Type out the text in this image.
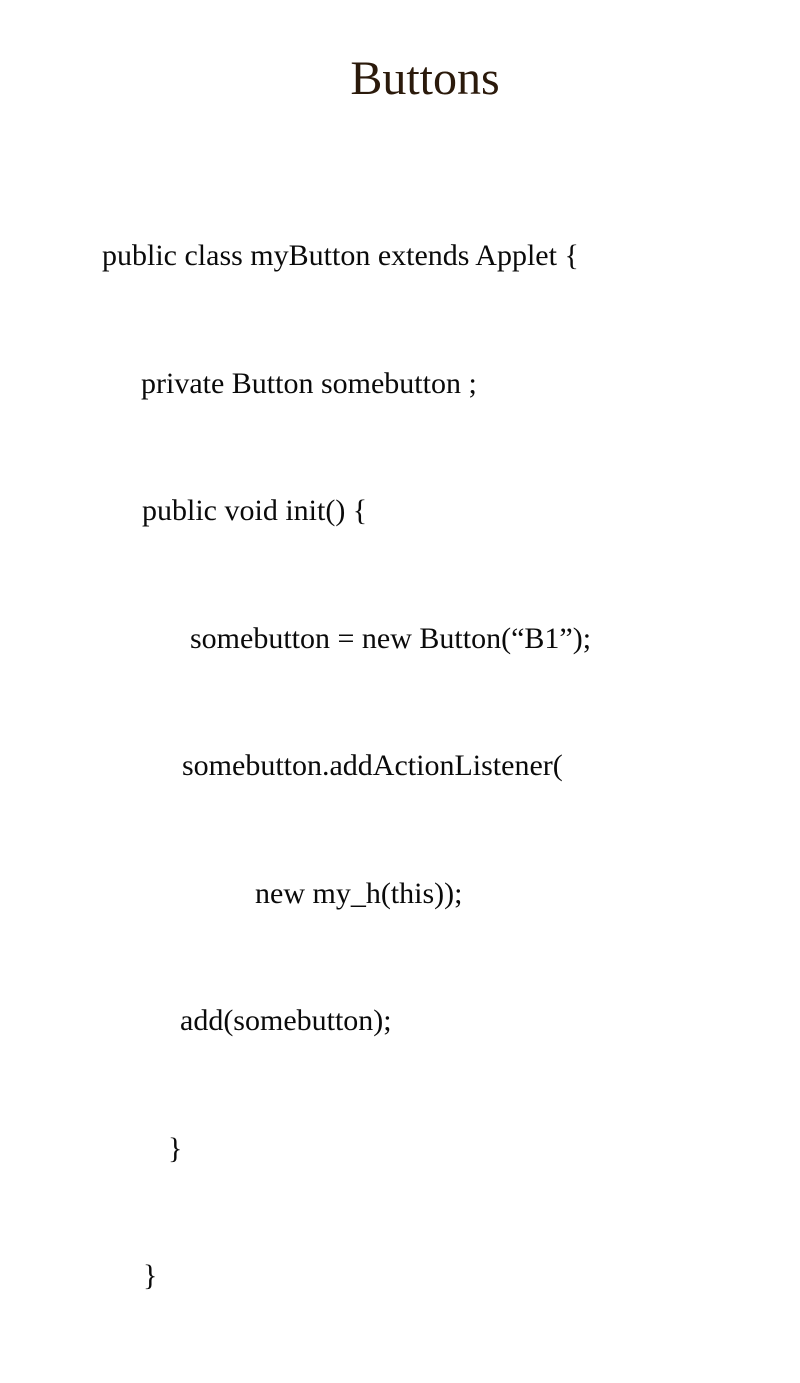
Buttons

public class myButton extends Applet {

private Button somebutton ;

public void init() {

somebutton = new Button(“B1”);

somebutton.addActionListener(

new my_h(this));

add(somebutton);

}

}
